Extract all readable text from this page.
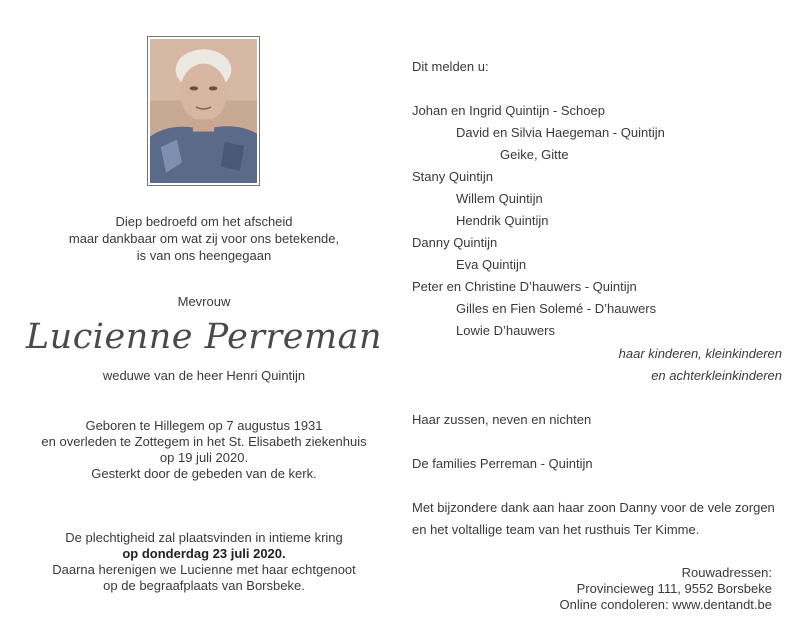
Diep bedroefd om het afscheid
maar dankbaar om wat zij voor ons betekende,
is van ons heengegaan
Mevrouw
Lucienne Perreman
weduwe van de heer Henri Quintijn
Geboren te Hillegem op 7 augustus 1931
en overleden te Zottegem in het St. Elisabeth ziekenhuis
op 19 juli 2020.
Gesterkt door de gebeden van de kerk.
De plechtigheid zal plaatsvinden in intieme kring
op donderdag 23 juli 2020.
Daarna herenigen we Lucienne met haar echtgenoot
op de begraafplaats van Borsbeke.
Dit melden u:
Johan en Ingrid Quintijn - Schoep
David en Silvia Haegeman - Quintijn
Geike, Gitte
Stany Quintijn
Willem Quintijn
Hendrik Quintijn
Danny Quintijn
Eva Quintijn
Peter en Christine D’hauwers - Quintijn
Gilles en Fien Solemé - D’hauwers
Lowie D’hauwers
haar kinderen, kleinkinderen
en achterkleinkinderen
Haar zussen, neven en nichten
De families Perreman - Quintijn
Met bijzondere dank aan haar zoon Danny voor de vele zorgen
en het voltallige team van het rusthuis Ter Kimme.
Rouwadressen:
Provincieweg 111, 9552 Borsbeke
Online condoleren: www.dentandt.be
